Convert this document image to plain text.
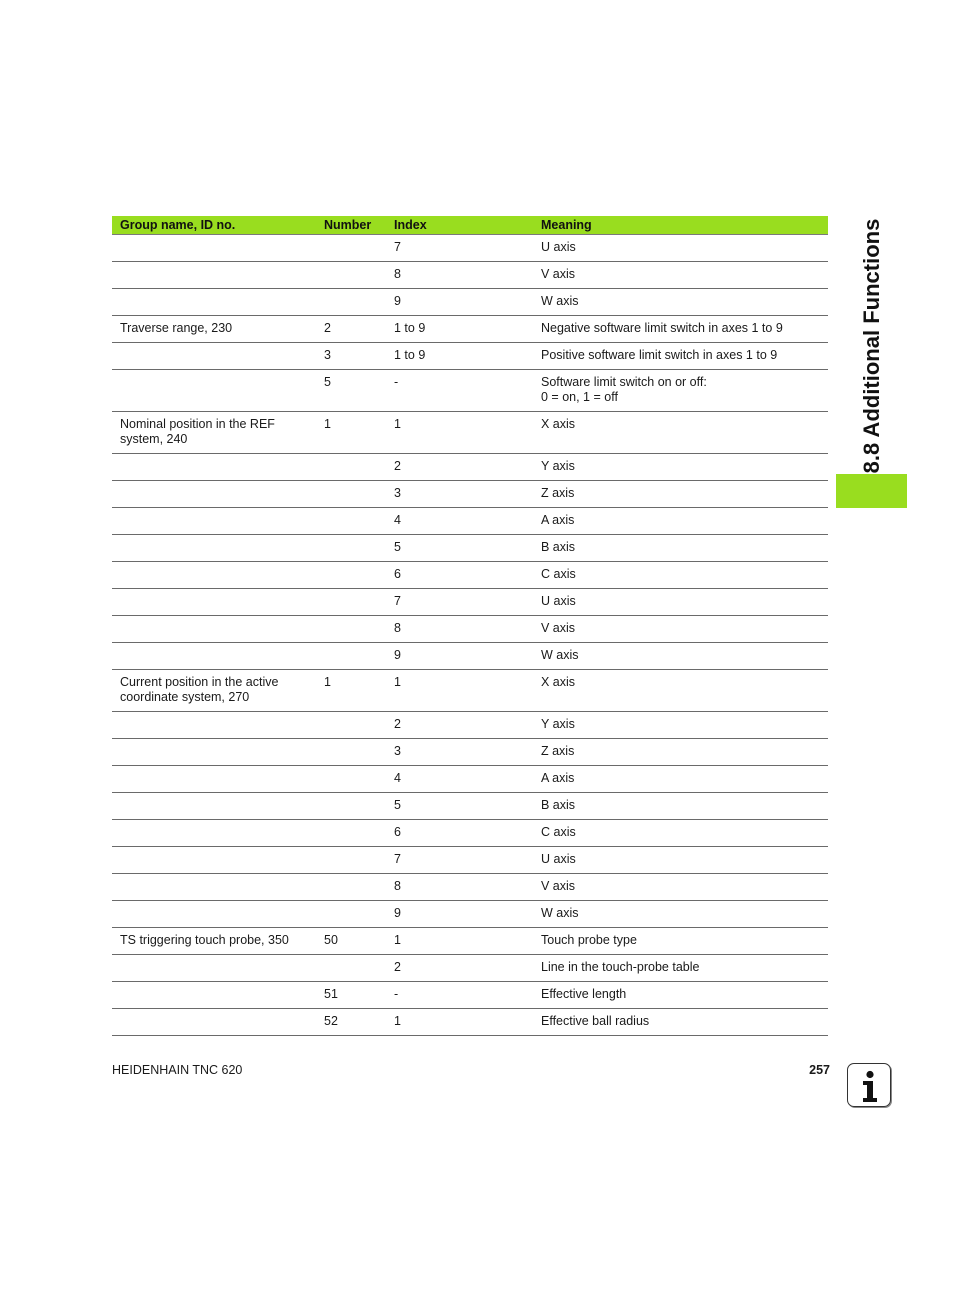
Group name, ID no.	Number	Index	Meaning
		7	U axis
		8	V axis
		9	W axis
Traverse range, 230	2	1 to 9	Negative software limit switch in axes 1 to 9
	3	1 to 9	Positive software limit switch in axes 1 to 9
	5	-	Software limit switch on or off:
0 = on, 1 = off
Nominal position in the REF system, 240	1	1	X axis
		2	Y axis
		3	Z axis
		4	A axis
		5	B axis
		6	C axis
		7	U axis
		8	V axis
		9	W axis
Current position in the active coordinate system, 270	1	1	X axis
		2	Y axis
		3	Z axis
		4	A axis
		5	B axis
		6	C axis
		7	U axis
		8	V axis
		9	W axis
TS triggering touch probe, 350	50	1	Touch probe type
		2	Line in the touch-probe table
	51	-	Effective length
	52	1	Effective ball radius
8.8 Additional Functions
HEIDENHAIN TNC 620	257
